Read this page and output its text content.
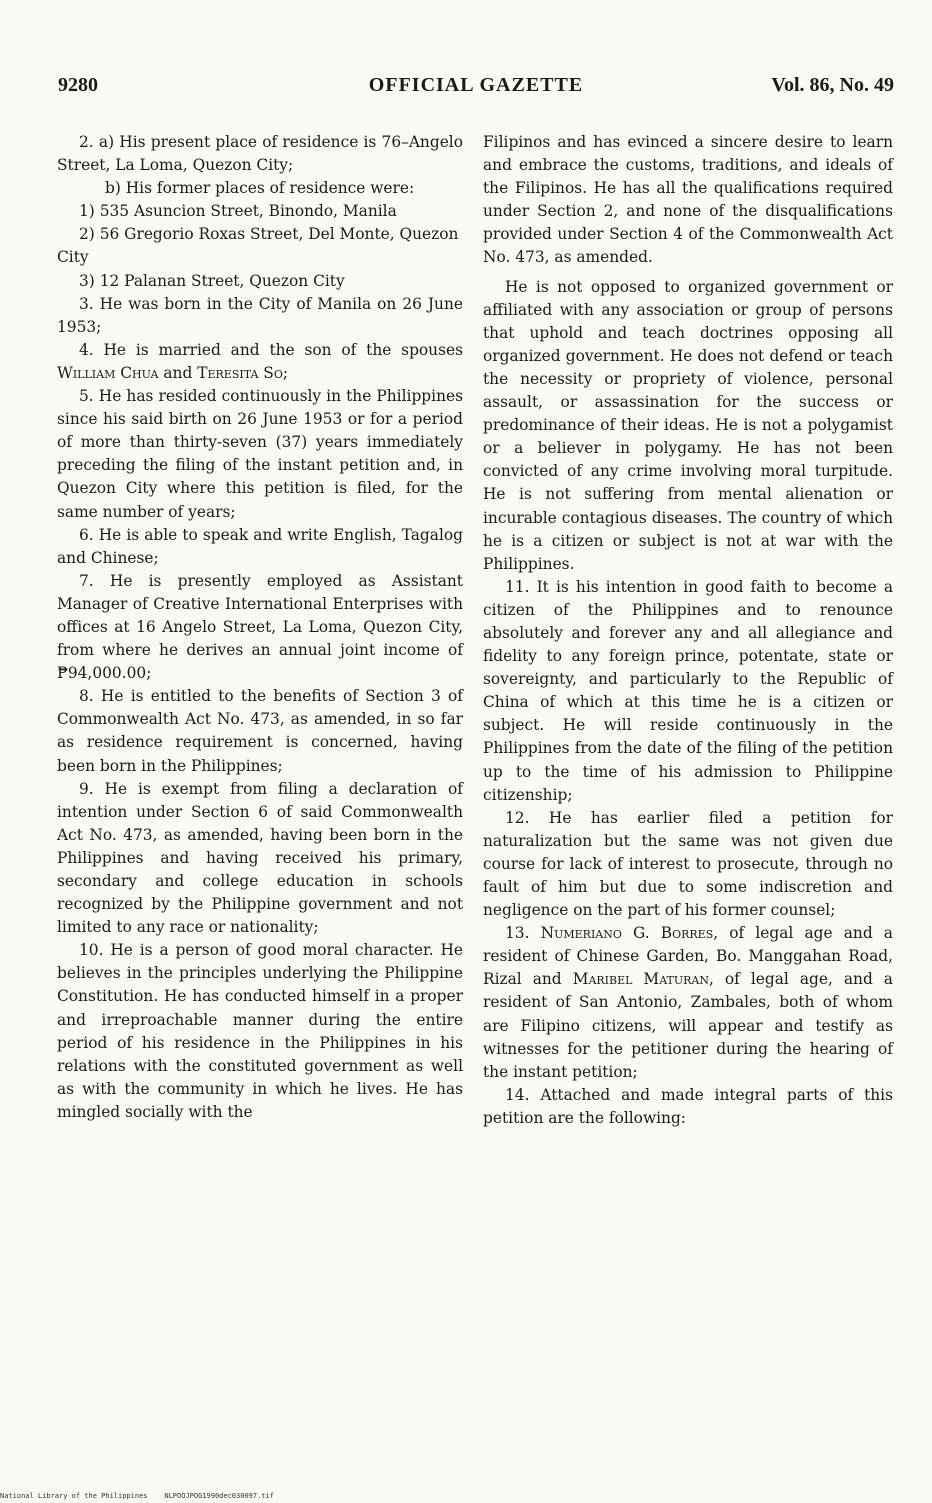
9280	OFFICIAL GAZETTE	Vol. 86, No. 49

2. a) His present place of residence is 76–Angelo Street, La Loma, Quezon City;

b) His former places of residence were:

1) 535 Asuncion Street, Binondo, Manila

2) 56 Gregorio Roxas Street, Del Monte, Quezon City

3) 12 Palanan Street, Quezon City

3. He was born in the City of Manila on 26 June 1953;

4. He is married and the son of the spouses William Chua and Teresita So;

5. He has resided continuously in the Philippines since his said birth on 26 June 1953 or for a period of more than thirty-seven (37) years immediately preceding the filing of the instant petition and, in Quezon City where this petition is filed, for the same number of years;

6. He is able to speak and write English, Tagalog and Chinese;

7. He is presently employed as Assistant Manager of Creative International Enterprises with offices at 16 Angelo Street, La Loma, Quezon City, from where he derives an annual joint income of ₱94,000.00;

8. He is entitled to the benefits of Section 3 of Commonwealth Act No. 473, as amended, in so far as residence requirement is concerned, having been born in the Philippines;

9. He is exempt from filing a declaration of intention under Section 6 of said Commonwealth Act No. 473, as amended, having been born in the Philippines and having received his primary, secondary and college education in schools recognized by the Philippine government and not limited to any race or nationality;

10. He is a person of good moral character. He believes in the principles underlying the Philippine Constitution. He has conducted himself in a proper and irreproachable manner during the entire period of his residence in the Philippines in his relations with the constituted government as well as with the community in which he lives. He has mingled socially with the

Filipinos and has evinced a sincere desire to learn and embrace the customs, traditions, and ideals of the Filipinos. He has all the qualifications required under Section 2, and none of the disqualifications provided under Section 4 of the Commonwealth Act No. 473, as amended.

He is not opposed to organized government or affiliated with any association or group of persons that uphold and teach doctrines opposing all organized government. He does not defend or teach the necessity or propriety of violence, personal assault, or assassination for the success or predominance of their ideas. He is not a polygamist or a believer in polygamy. He has not been convicted of any crime involving moral turpitude. He is not suffering from mental alienation or incurable contagious diseases. The country of which he is a citizen or subject is not at war with the Philippines.

11. It is his intention in good faith to become a citizen of the Philippines and to renounce absolutely and forever any and all allegiance and fidelity to any foreign prince, potentate, state or sovereignty, and particularly to the Republic of China of which at this time he is a citizen or subject. He will reside continuously in the Philippines from the date of the filing of the petition up to the time of his admission to Philippine citizenship;

12. He has earlier filed a petition for naturalization but the same was not given due course for lack of interest to prosecute, through no fault of him but due to some indiscretion and negligence on the part of his former counsel;

13. Numeriano G. Borres, of legal age and a resident of Chinese Garden, Bo. Manggahan Road, Rizal and Maribel Maturan, of legal age, and a resident of San Antonio, Zambales, both of whom are Filipino citizens, will appear and testify as witnesses for the petitioner during the hearing of the instant petition;

14. Attached and made integral parts of this petition are the following:

National Library of the Philippines NLPOOJPOG1990dec030097.tif
